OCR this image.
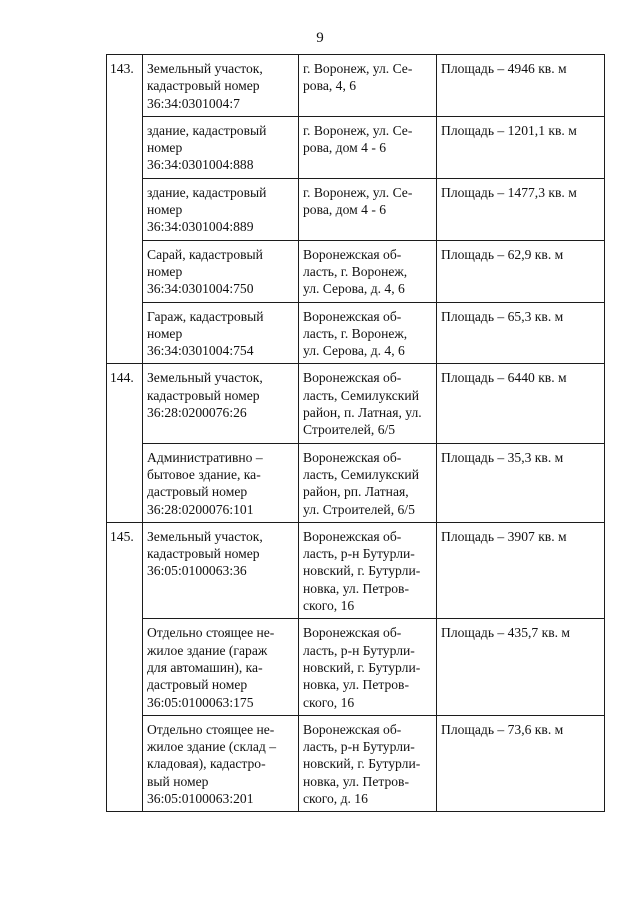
9
143.	Земельный участок,
кадастровый номер
36:34:0301004:7	г. Воронеж, ул. Се-
рова, 4, 6	Площадь – 4946 кв. м
	здание, кадастровый
номер
36:34:0301004:888	г. Воронеж, ул. Се-
рова, дом 4 - 6	Площадь – 1201,1 кв. м
	здание, кадастровый
номер
36:34:0301004:889	г. Воронеж, ул. Се-
рова, дом 4 - 6	Площадь – 1477,3 кв. м
	Сарай, кадастровый
номер
36:34:0301004:750	Воронежская об-
ласть, г. Воронеж,
ул. Серова, д. 4, 6	Площадь – 62,9 кв. м
	Гараж, кадастровый
номер
36:34:0301004:754	Воронежская об-
ласть, г. Воронеж,
ул. Серова, д. 4, 6	Площадь – 65,3 кв. м
144.	Земельный участок,
кадастровый номер
36:28:0200076:26	Воронежская об-
ласть, Семилукский
район, п. Латная, ул.
Строителей, 6/5	Площадь – 6440 кв. м
	Административно –
бытовое здание, ка-
дастровый номер
36:28:0200076:101	Воронежская об-
ласть, Семилукский
район, рп. Латная,
ул. Строителей, 6/5	Площадь – 35,3 кв. м
145.	Земельный участок,
кадастровый номер
36:05:0100063:36	Воронежская об-
ласть, р-н Бутурли-
новский, г. Бутурли-
новка, ул. Петров-
ского, 16	Площадь – 3907 кв. м
	Отдельно стоящее не-
жилое здание (гараж
для автомашин), ка-
дастровый номер
36:05:0100063:175	Воронежская об-
ласть, р-н Бутурли-
новский, г. Бутурли-
новка, ул. Петров-
ского, 16	Площадь – 435,7 кв. м
	Отдельно стоящее не-
жилое здание (склад –
кладовая), кадастро-
вый номер
36:05:0100063:201	Воронежская об-
ласть, р-н Бутурли-
новский, г. Бутурли-
новка, ул. Петров-
ского, д. 16	Площадь – 73,6 кв. м
